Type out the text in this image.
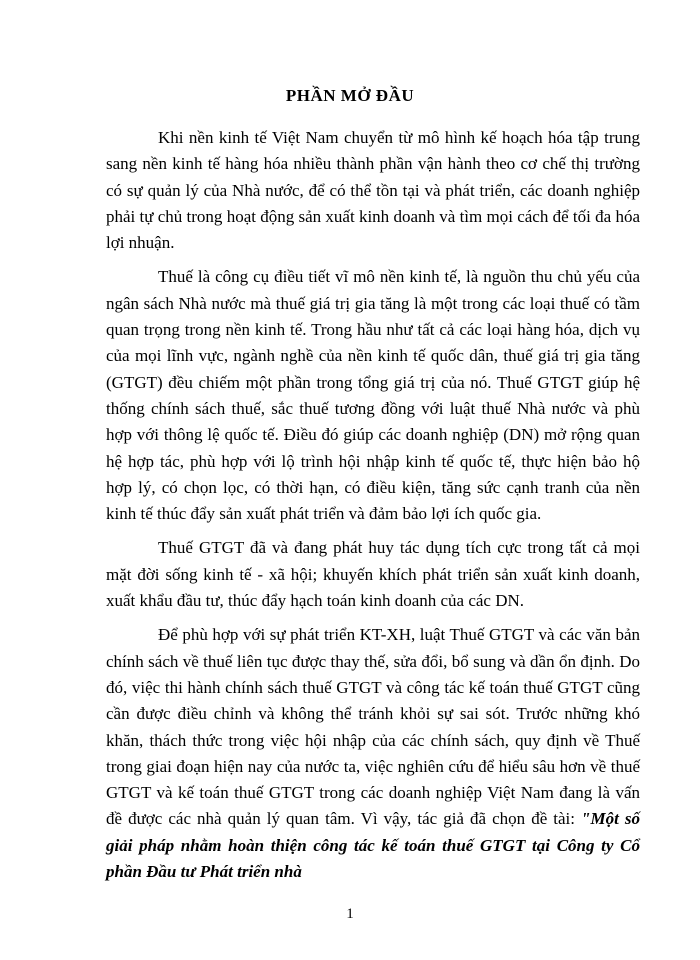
PHẦN MỞ ĐẦU

Khi nền kinh tế Việt Nam chuyển từ mô hình kế hoạch hóa tập trung sang nền kinh tế hàng hóa nhiều thành phần vận hành theo cơ chế thị trường có sự quản lý của Nhà nước, để có thể tồn tại và phát triển, các doanh nghiệp phải tự chủ trong hoạt động sản xuất kinh doanh và tìm mọi cách để tối đa hóa lợi nhuận.

Thuế là công cụ điều tiết vĩ mô nền kinh tế, là nguồn thu chủ yếu của ngân sách Nhà nước mà thuế giá trị gia tăng là một trong các loại thuế có tầm quan trọng trong nền kinh tế. Trong hầu như tất cả các loại hàng hóa, dịch vụ của mọi lĩnh vực, ngành nghề của nền kinh tế quốc dân, thuế giá trị gia tăng (GTGT) đều chiếm một phần trong tổng giá trị của nó. Thuế GTGT giúp hệ thống chính sách thuế, sắc thuế tương đồng với luật thuế Nhà nước và phù hợp với thông lệ quốc tế. Điều đó giúp các doanh nghiệp (DN) mở rộng quan hệ hợp tác, phù hợp với lộ trình hội nhập kinh tế quốc tế, thực hiện bảo hộ hợp lý, có chọn lọc, có thời hạn, có điều kiện, tăng sức cạnh tranh của nền kinh tế thúc đẩy sản xuất phát triển và đảm bảo lợi ích quốc gia.

Thuế GTGT đã và đang phát huy tác dụng tích cực trong tất cả mọi mặt đời sống kinh tế - xã hội; khuyến khích phát triển sản xuất kinh doanh, xuất khẩu đầu tư, thúc đẩy hạch toán kinh doanh của các DN.

Để phù hợp với sự phát triển KT-XH, luật Thuế GTGT và các văn bản chính sách về thuế liên tục được thay thế, sửa đổi, bổ sung và dần ổn định. Do đó, việc thi hành chính sách thuế GTGT và công tác kế toán thuế GTGT cũng cần được điều chỉnh và không thể tránh khỏi sự sai sót. Trước những khó khăn, thách thức trong việc hội nhập của các chính sách, quy định về Thuế trong giai đoạn hiện nay của nước ta, việc nghiên cứu để hiểu sâu hơn về thuế GTGT và kế toán thuế GTGT trong các doanh nghiệp Việt Nam đang là vấn đề được các nhà quản lý quan tâm. Vì vậy, tác giả đã chọn đề tài: "Một số giải pháp nhằm hoàn thiện công tác kế toán thuế GTGT tại Công ty Cổ phần Đầu tư Phát triển nhà

1
